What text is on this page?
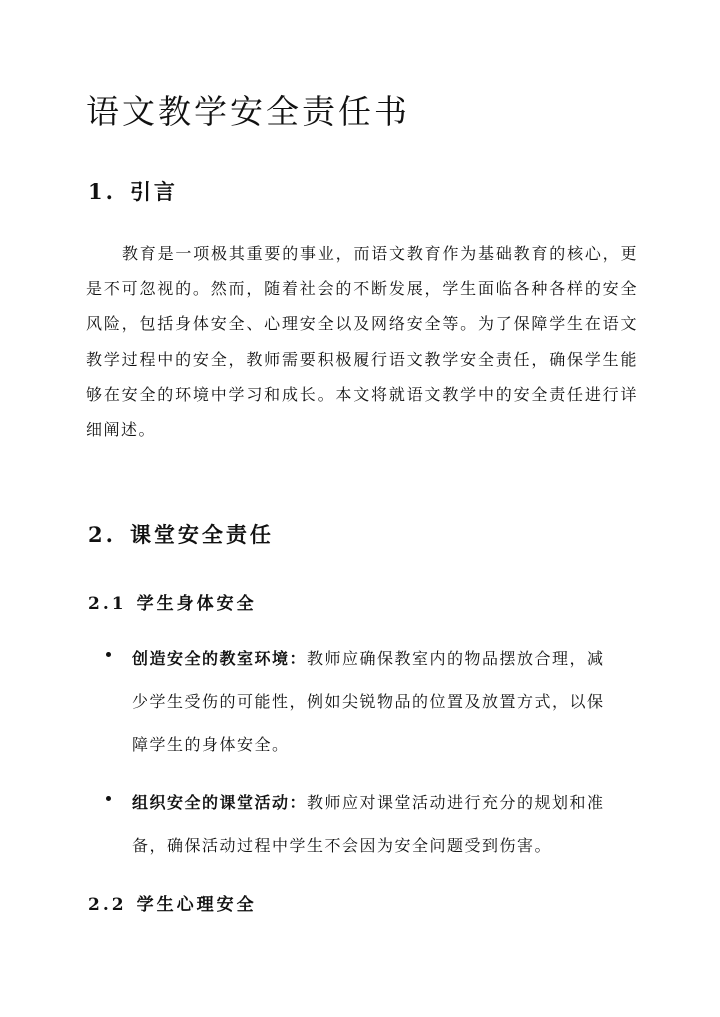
语文教学安全责任书
1. 引言

教育是一项极其重要的事业，而语文教育作为基础教育的核心，更是不可忽视的。然而，随着社会的不断发展，学生面临各种各样的安全风险，包括身体安全、心理安全以及网络安全等。为了保障学生在语文教学过程中的安全，教师需要积极履行语文教学安全责任，确保学生能够在安全的环境中学习和成长。本文将就语文教学中的安全责任进行详细阐述。

2. 课堂安全责任
2.1 学生身体安全
创造安全的教室环境：教师应确保教室内的物品摆放合理，减少学生受伤的可能性，例如尖锐物品的位置及放置方式，以保障学生的身体安全。
组织安全的课堂活动：教师应对课堂活动进行充分的规划和准备，确保活动过程中学生不会因为安全问题受到伤害。
2.2 学生心理安全
